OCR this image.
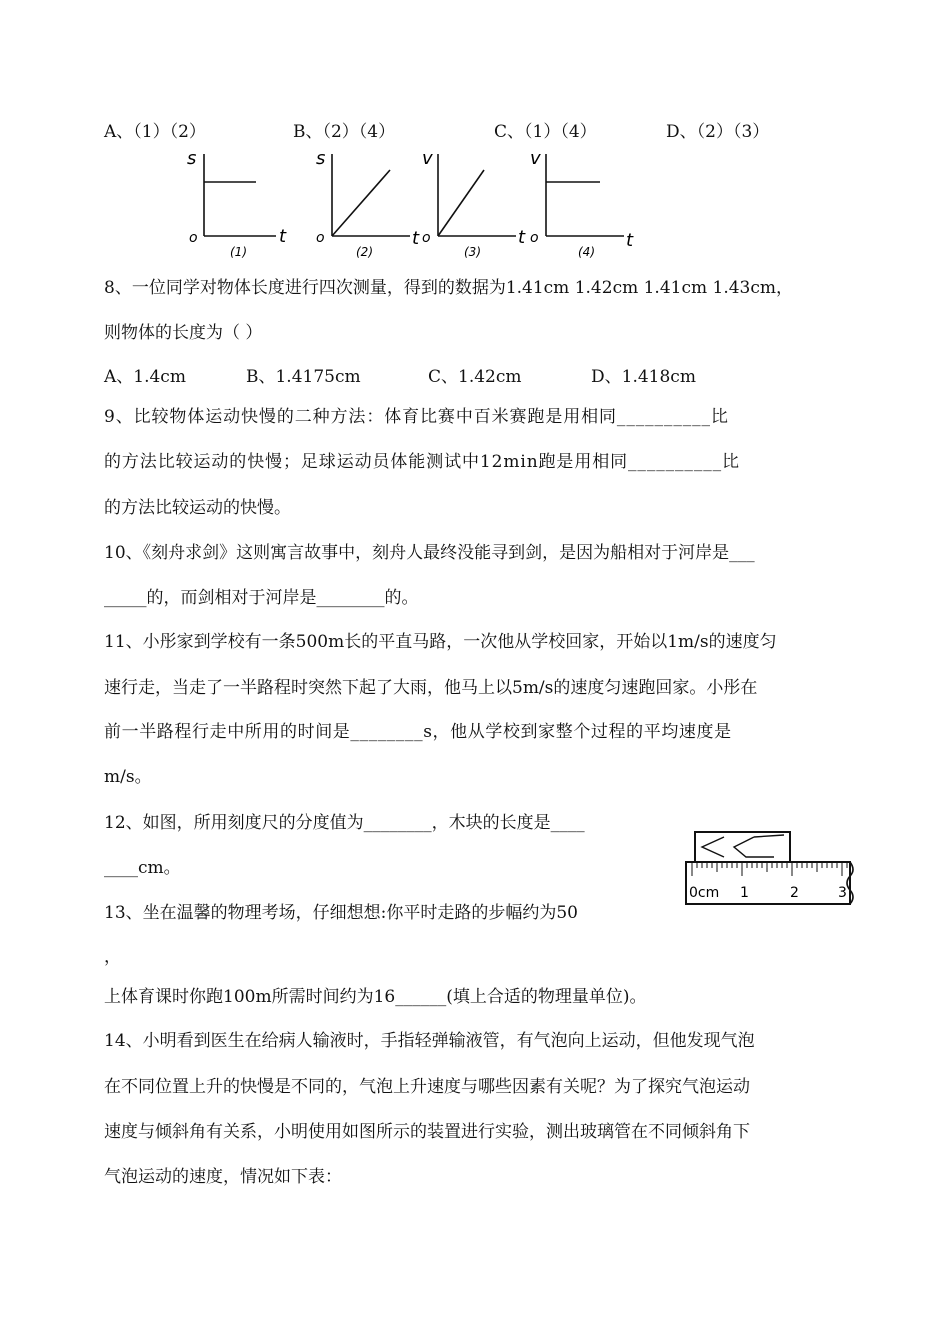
A、（1）（2）	B、（2）（4）	C、（1）（4）	D、（2）（3）
s
o	t
(1)
s
o	t
(2)
v
o	t
(3)
v
o	t
(4)
8、一位同学对物体长度进行四次测量，得到的数据为1.41cm 1.42cm 1.41cm 1.43cm，
则物体的长度为（ ）
A、1.4cm	B、1.4175cm	C、1.42cm	D、1.418cm
9、比较物体运动快慢的二种方法：体育比赛中百米赛跑是用相同__________比
的方法比较运动的快慢；足球运动员体能测试中12min跑是用相同__________比
的方法比较运动的快慢。
10、《刻舟求剑》这则寓言故事中，刻舟人最终没能寻到剑，是因为船相对于河岸是___
_____的，而剑相对于河岸是________的。
11、小彤家到学校有一条500m长的平直马路，一次他从学校回家，开始以1m/s的速度匀
速行走，当走了一半路程时突然下起了大雨，他马上以5m/s的速度匀速跑回家。小彤在
前一半路程行走中所用的时间是________s，他从学校到家整个过程的平均速度是
m/s。
12、如图，所用刻度尺的分度值为________，木块的长度是____
____cm。
0cm 1	2	3
13、坐在温馨的物理考场，仔细想想:你平时走路的步幅约为50
，
上体育课时你跑100m所需时间约为16______(填上合适的物理量单位)。
14、小明看到医生在给病人输液时，手指轻弹输液管，有气泡向上运动，但他发现气泡
在不同位置上升的快慢是不同的，气泡上升速度与哪些因素有关呢？为了探究气泡运动
速度与倾斜角有关系，小明使用如图所示的装置进行实验，测出玻璃管在不同倾斜角下
气泡运动的速度，情况如下表：
